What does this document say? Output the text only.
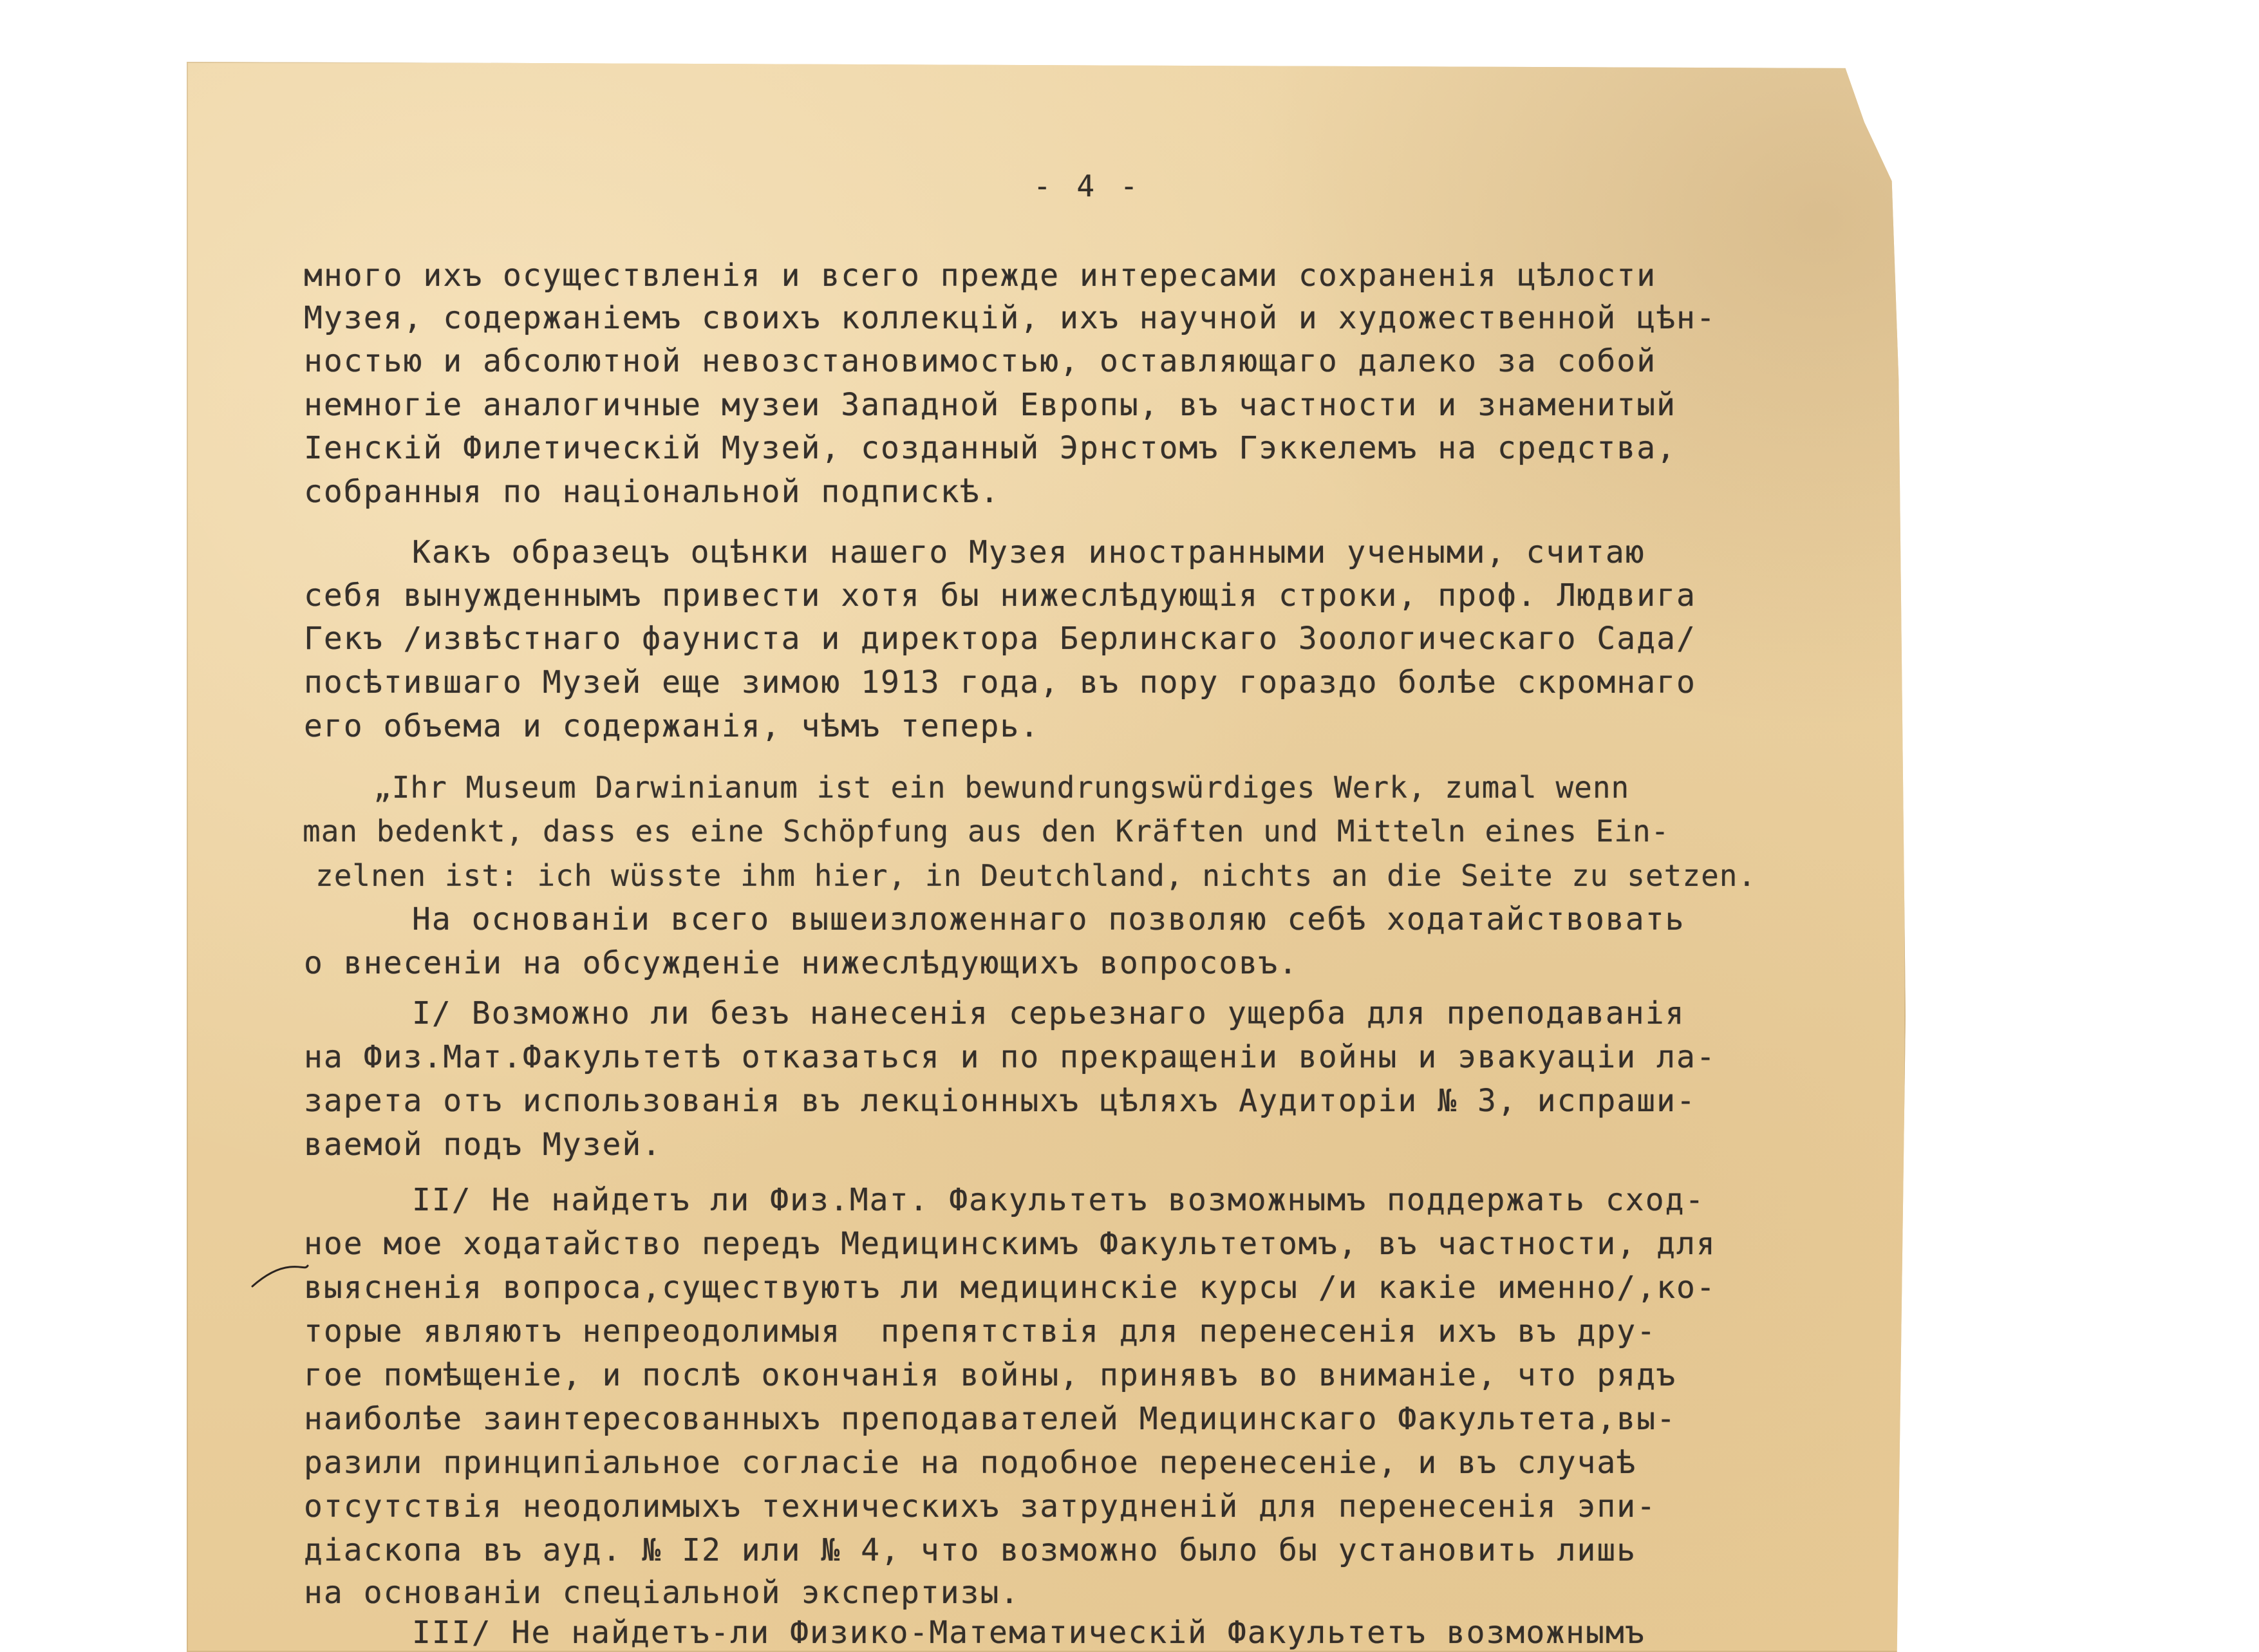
- 4 -
много ихъ осуществленія и всего прежде интересами сохраненія цѣлости
Музея, содержаніемъ своихъ коллекцій, ихъ научной и художественной цѣн-
ностью и абсолютной невозстановимостью, оставляющаго далеко за собой
немногіе аналогичные музеи Западной Европы, въ частности и знаменитый
Іенскій Филетическій Музей, созданный Эрнстомъ Гэккелемъ на средства,
собранныя по національной подпискѣ.
Какъ образецъ оцѣнки нашего Музея иностранными учеными, считаю
себя вынужденнымъ привести хотя бы нижеслѣдующія строки, проф. Людвига
Гекъ /извѣстнаго фауниста и директора Берлинскаго Зоологическаго Сада/
посѣтившаго Музей еще зимою 1913 года, въ пору гораздо болѣе скромнаго
его объема и содержанія, чѣмъ теперь.
„Ihr Museum Darwinianum ist ein bewundrungswürdiges Werk, zumal wenn
man bedenkt, dass es eine Schöpfung aus den Kräften und Mitteln eines Ein-
zelnen ist: ich wüsste ihm hier, in Deutchland, nichts an die Seite zu setzen.
На основаніи всего вышеизложеннаго позволяю себѣ ходатайствовать
о внесеніи на обсужденіе нижеслѣдующихъ вопросовъ.
I/ Возможно ли безъ нанесенія серьезнаго ущерба для преподаванія
на Физ.Мат.Факультетѣ отказаться и по прекращеніи войны и эвакуаціи ла-
зарета отъ использованія въ лекціонныхъ цѣляхъ Аудиторіи № 3, испраши-
ваемой подъ Музей.
II/ Не найдетъ ли Физ.Мат. Факультетъ возможнымъ поддержать сход-
ное мое ходатайство передъ Медицинскимъ Факультетомъ, въ частности, для
выясненія вопроса,существуютъ ли медицинскіе курсы /и какіе именно/,ко-
торые являютъ непреодолимыя  препятствія для перенесенія ихъ въ дру-
гое помѣщеніе, и послѣ окончанія войны, принявъ во вниманіе, что рядъ
наиболѣе заинтересованныхъ преподавателей Медицинскаго Факультета,вы-
разили принципіальное согласіе на подобное перенесеніе, и въ случаѣ
отсутствія неодолимыхъ техническихъ затрудненій для перенесенія эпи-
діаскопа въ ауд. № I2 или № 4, что возможно было бы установить лишь
на основаніи спеціальной экспертизы.
III/ Не найдетъ-ли Физико-Математическій Факультетъ возможнымъ
